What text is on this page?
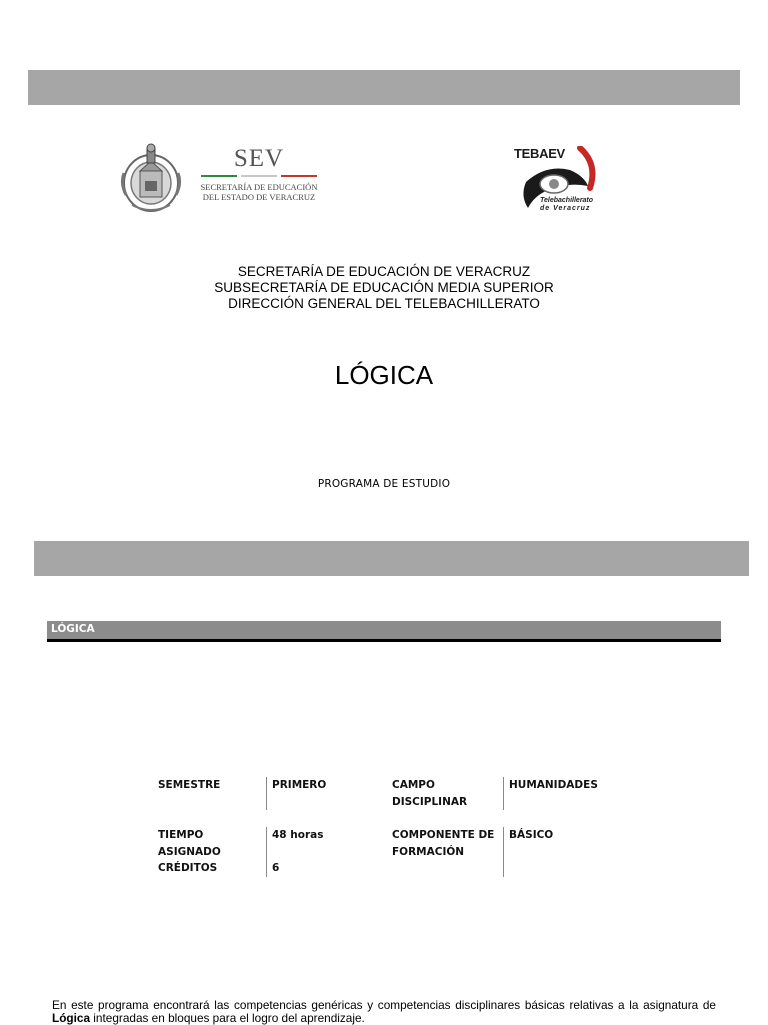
SEV
SECRETARÍA DE EDUCACIÓN
DEL ESTADO DE VERACRUZ
TEBAEV
Telebachillerato
de Veracruz
SECRETARÍA DE EDUCACIÓN DE VERACRUZ
SUBSECRETARÍA DE EDUCACIÓN MEDIA SUPERIOR
DIRECCIÓN GENERAL DEL TELEBACHILLERATO
LÓGICA
PROGRAMA DE ESTUDIO
LÓGICA
SEMESTRE	PRIMERO	CAMPO
DISCIPLINAR
HUMANIDADES
TIEMPO
ASIGNADO
CRÉDITOS
48 horas
6
COMPONENTE DE
FORMACIÓN
BÁSICO
En este programa encontrará las competencias genéricas y competencias disciplinares básicas relativas a la asignatura de Lógica integradas en bloques para el logro del aprendizaje.
